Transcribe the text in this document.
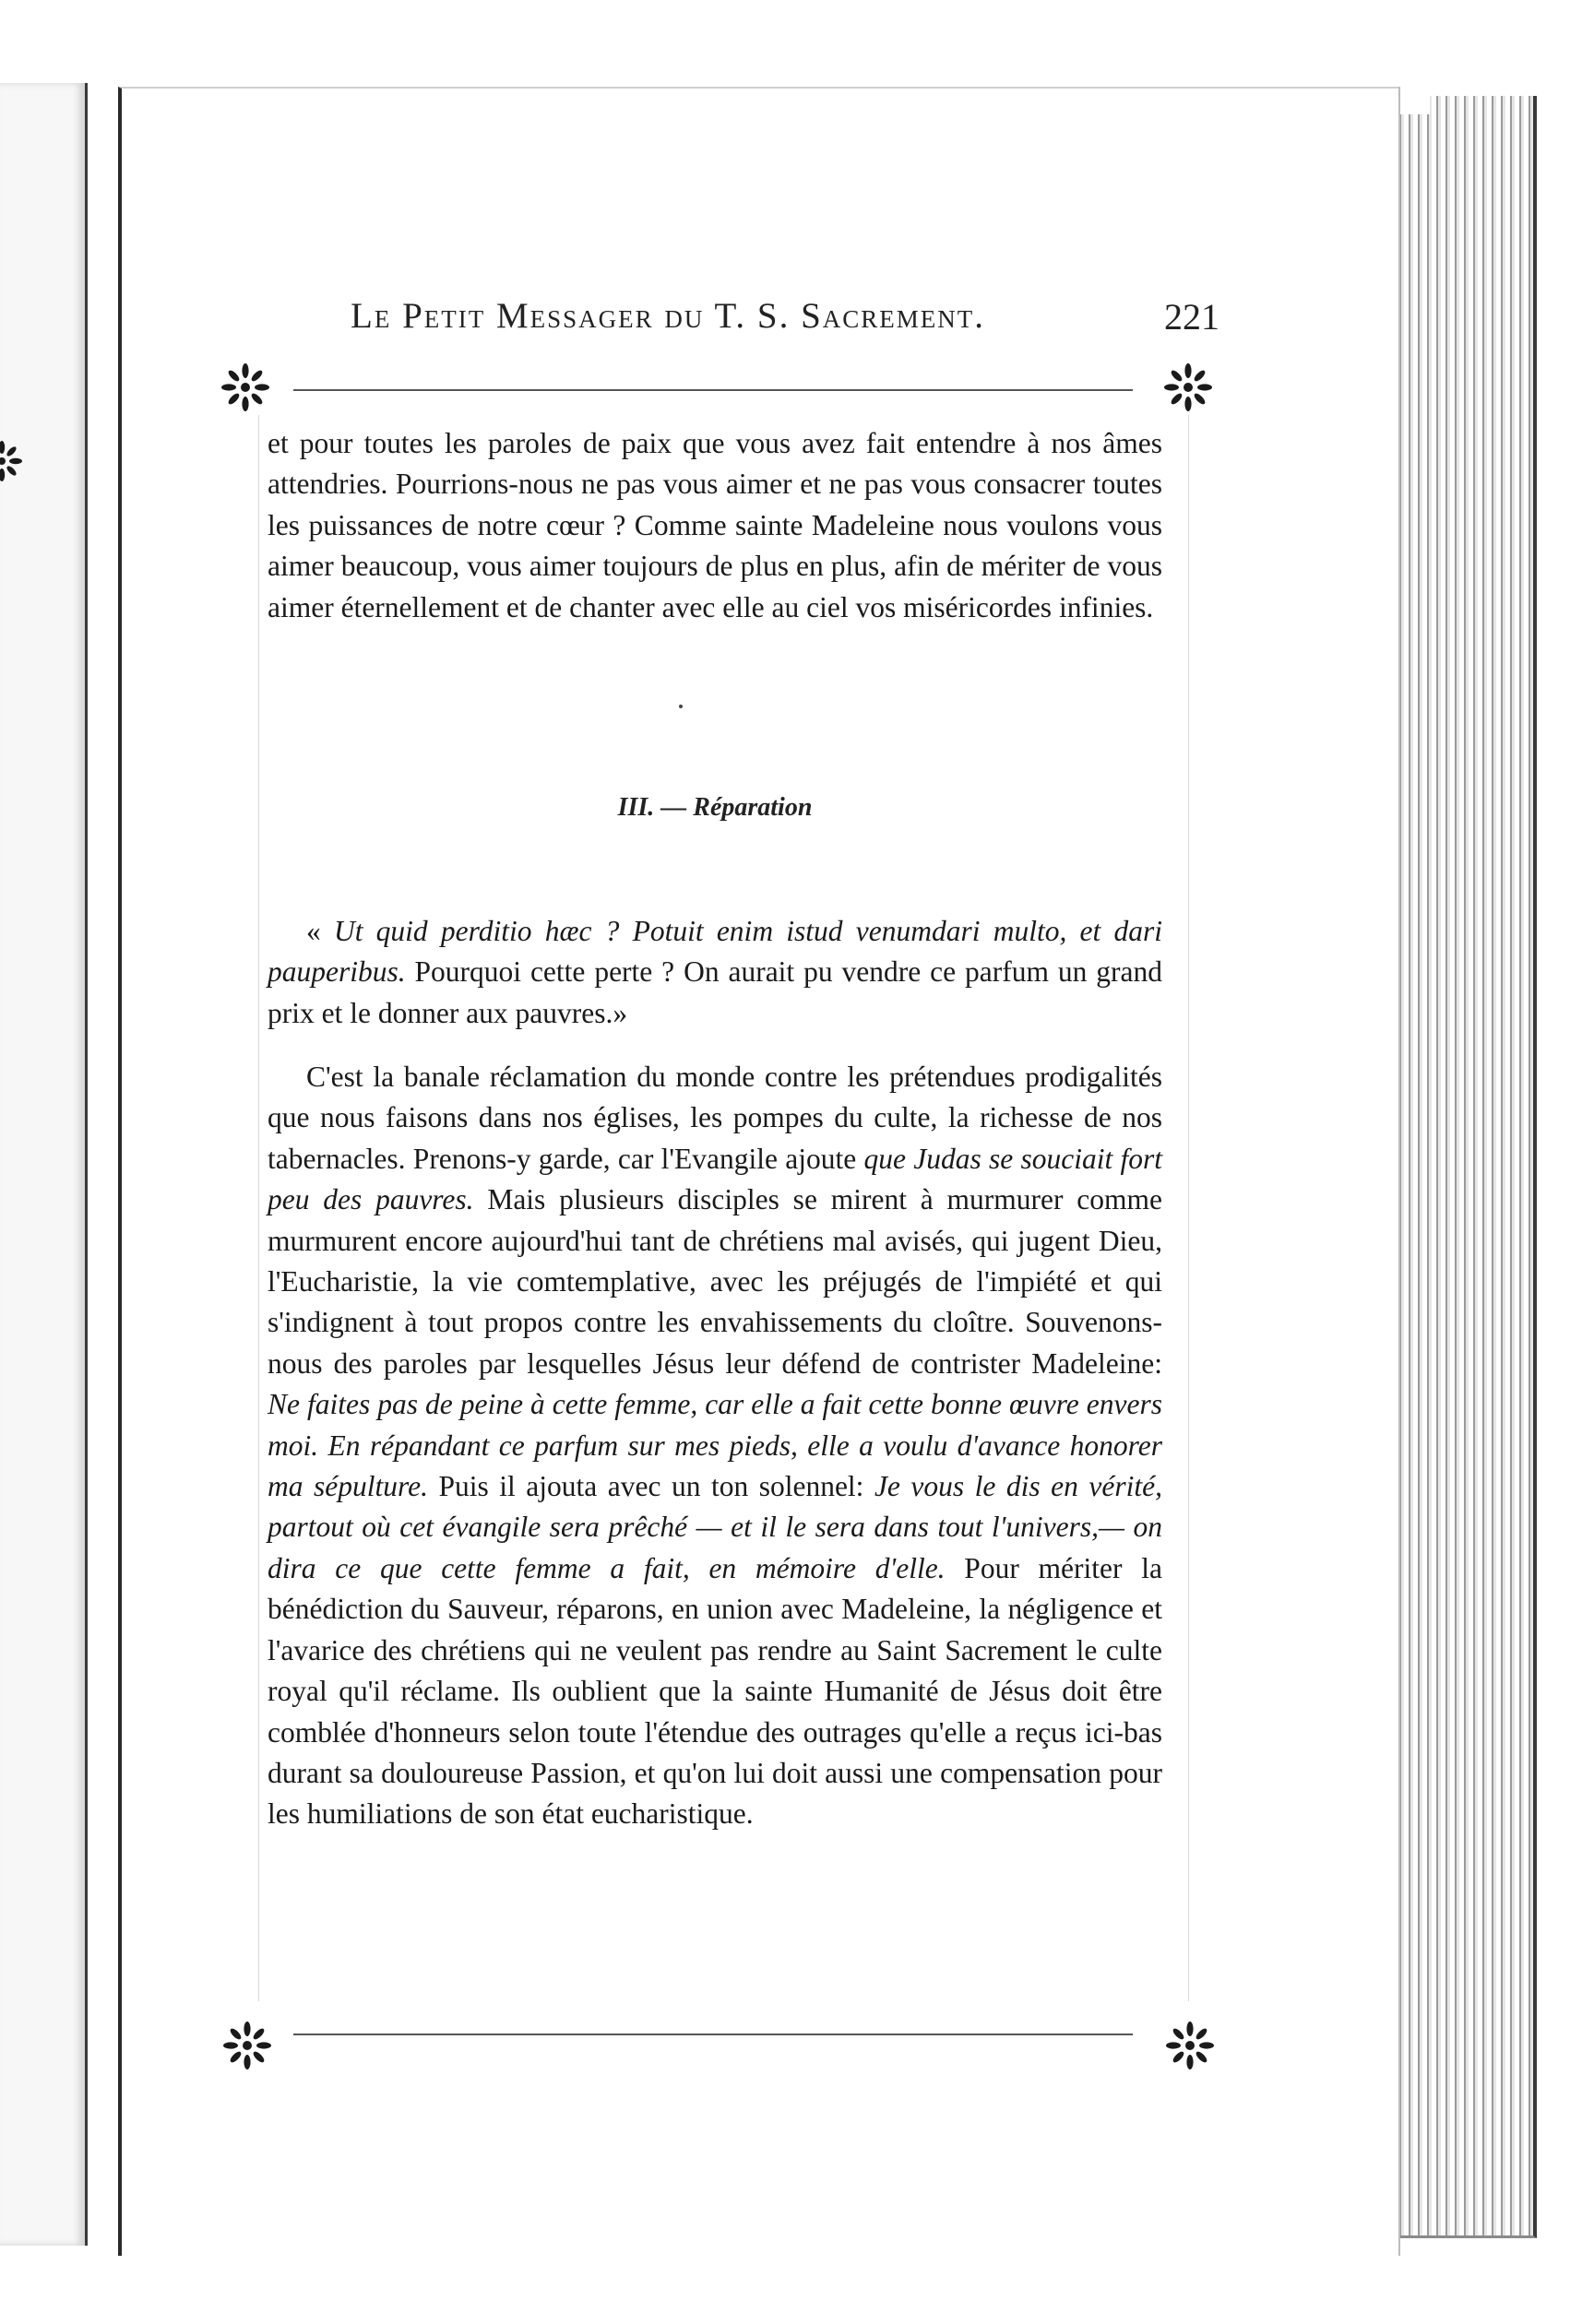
Le Petit Messager du T. S. Sacrement.	221
et pour toutes les paroles de paix que vous avez fait entendre à nos âmes attendries. Pourrions-nous ne pas vous aimer et ne pas vous consacrer toutes les puissances de notre cœur ? Comme sainte Madeleine nous voulons vous aimer beaucoup, vous aimer toujours de plus en plus, afin de mériter de vous aimer éternellement et de chanter avec elle au ciel vos miséricordes infinies.
III. — Réparation
« Ut quid perditio hæc ? Potuit enim istud venumdari multo, et dari pauperibus. Pourquoi cette perte ? On aurait pu vendre ce parfum un grand prix et le donner aux pauvres.»
C'est la banale réclamation du monde contre les prétendues prodigalités que nous faisons dans nos églises, les pompes du culte, la richesse de nos tabernacles. Prenons-y garde, car l'Evangile ajoute que Judas se souciait fort peu des pauvres. Mais plusieurs disciples se mirent à murmurer comme murmurent encore aujourd'hui tant de chrétiens mal avisés, qui jugent Dieu, l'Eucharistie, la vie comtemplative, avec les préjugés de l'impiété et qui s'indignent à tout propos contre les envahissements du cloître. Souvenons-nous des paroles par lesquelles Jésus leur défend de contrister Madeleine: Ne faites pas de peine à cette femme, car elle a fait cette bonne œuvre envers moi. En répandant ce parfum sur mes pieds, elle a voulu d'avance honorer ma sépulture. Puis il ajouta avec un ton solennel: Je vous le dis en vérité, partout où cet évangile sera prêché — et il le sera dans tout l'univers,— on dira ce que cette femme a fait, en mémoire d'elle. Pour mériter la bénédiction du Sauveur, réparons, en union avec Madeleine, la négligence et l'avarice des chrétiens qui ne veulent pas rendre au Saint Sacrement le culte royal qu'il réclame. Ils oublient que la sainte Humanité de Jésus doit être comblée d'honneurs selon toute l'étendue des outrages qu'elle a reçus ici-bas durant sa douloureuse Passion, et qu'on lui doit aussi une compensation pour les humiliations de son état eucharistique.
